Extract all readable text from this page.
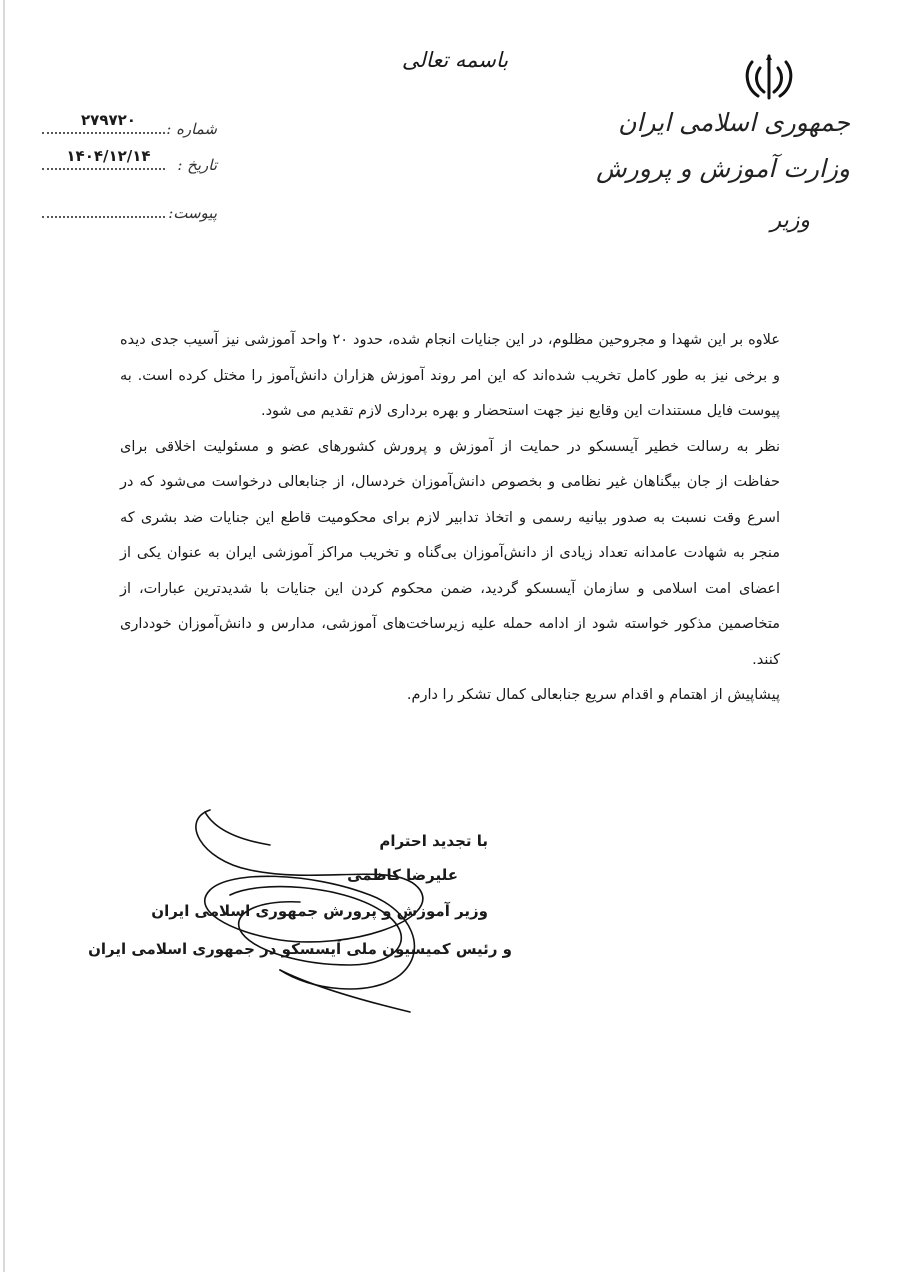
باسمه تعالی
جمهوری اسلامی ایران
وزارت آموزش و پرورش
وزیر
شماره :
۲۷۹۷۲۰
تاریخ :
۱۴۰۴/۱۲/۱۴
پیوست:

علاوه بر این شهدا و مجروحین مظلوم، در این جنایات انجام شده، حدود ۲۰ واحد آموزشی نیز آسیب جدی دیده و برخی نیز به طور کامل تخریب شده‌اند که این امر روند آموزش هزاران دانش‌آموز را مختل کرده است. به پیوست فایل مستندات این وقایع نیز جهت استحضار و بهره برداری لازم تقدیم می شود.

نظر به رسالت خطیر آیسسکو در حمایت از آموزش و پرورش کشورهای عضو و مسئولیت اخلاقی برای حفاظت از جان بیگناهان غیر نظامی و بخصوص دانش‌آموزان خردسال، از جنابعالی درخواست می‌شود که در اسرع وقت نسبت به صدور بیانیه رسمی و اتخاذ تدابیر لازم برای محکومیت قاطع این جنایات ضد بشری که منجر به شهادت عامدانه تعداد زیادی از دانش‌آموزان بی‌گناه و تخریب مراکز آموزشی ایران به عنوان یکی از اعضای امت اسلامی و سازمان آیسسکو گردید، ضمن محکوم کردن این جنایات با شدیدترین عبارات، از متخاصمین مذکور خواسته شود از ادامه حمله علیه زیرساخت‌های آموزشی، مدارس و دانش‌آموزان خودداری کنند.

پیشاپیش از اهتمام و اقدام سریع جنابعالی کمال تشکر را دارم.

با تجدید احترام
علیرضا کاظمی
وزیر آموزش و پرورش جمهوری اسلامی ایران
و رئیس کمیسیون ملی آیسسکو در جمهوری اسلامی ایران
